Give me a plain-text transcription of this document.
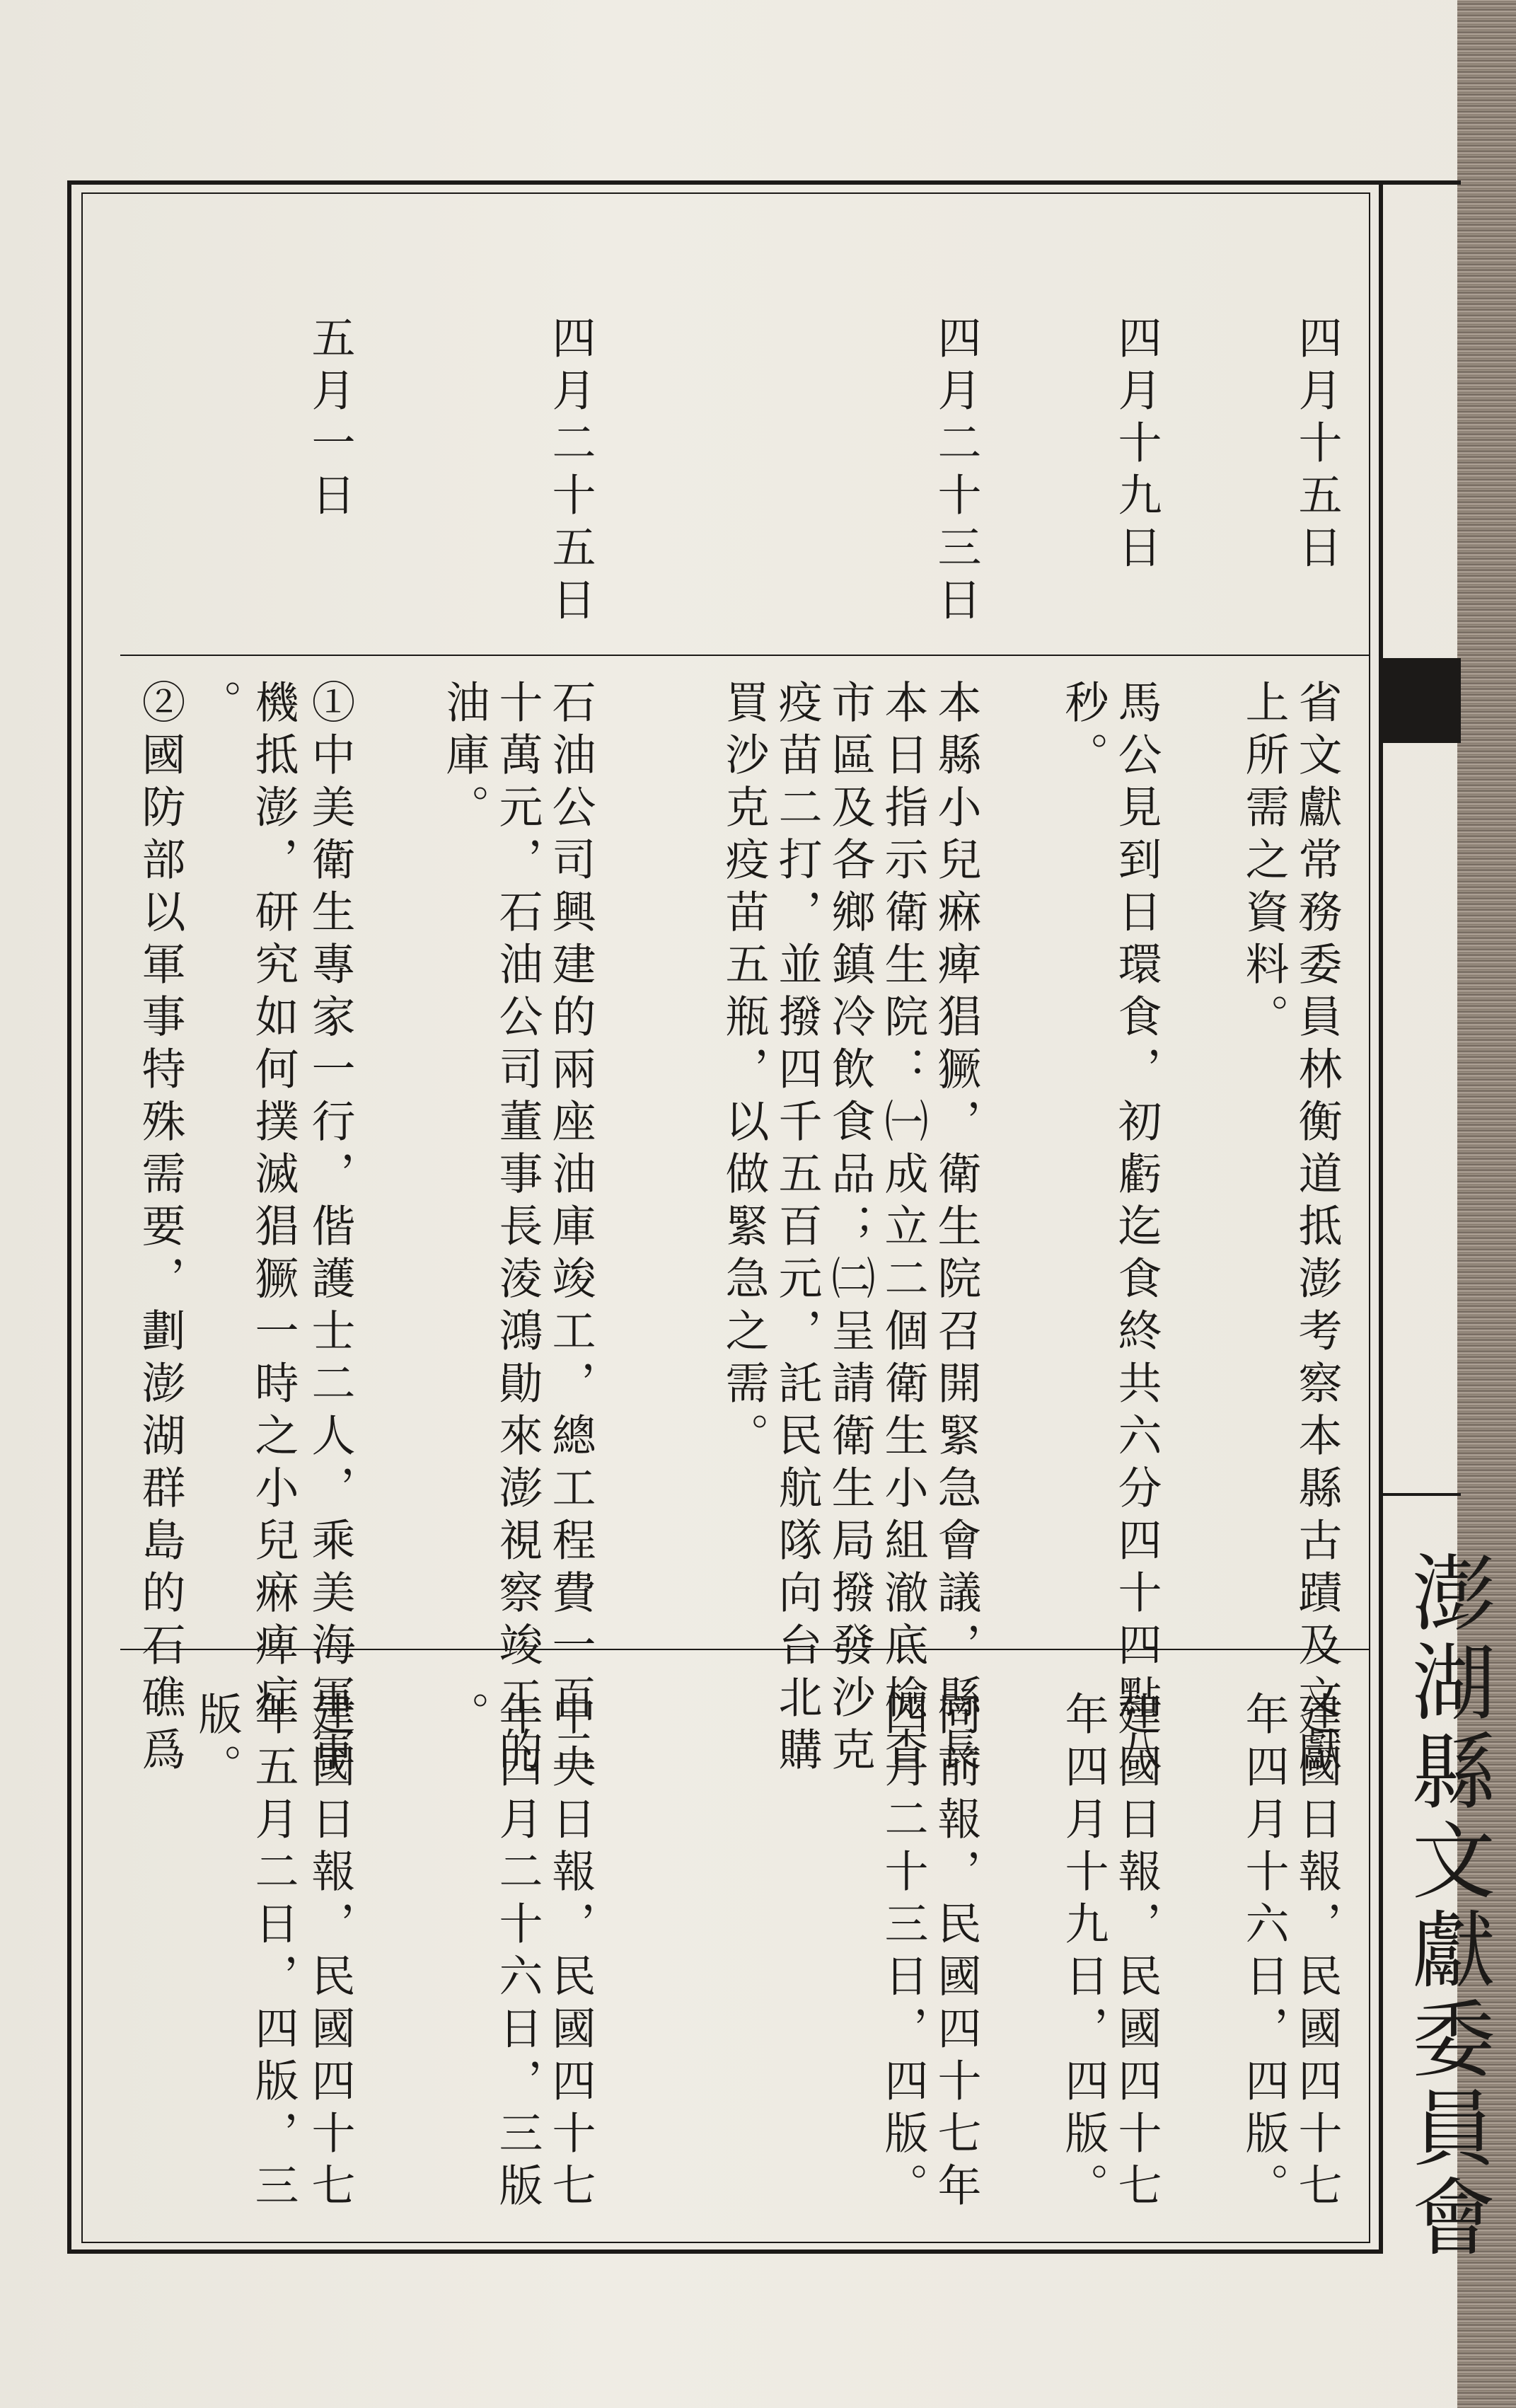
澎湖縣文獻委員會
四月十五日
省文獻常務委員林衡道抵澎考察本縣古蹟及文獻
上所需之資料。
建國日報，民國四十七
年四月十六日，四版。
四月十九日
馬公見到日環食，初虧迄食終共六分四十四點八
秒。
建國日報，民國四十七
年四月十九日，四版。
四月二十三日
本縣小兒痳痺猖獗，衛生院召開緊急會議，縣長
本日指示衛生院：㈠成立二個衛生小組澈底檢查
市區及各鄉鎮冷飲食品；㈡呈請衛生局撥發沙克
疫苗二打，並撥四千五百元，託民航隊向台北購
買沙克疫苗五瓶，以做緊急之需。
同前報，民國四十七年
四月二十三日，四版。
四月二十五日
石油公司興建的兩座油庫竣工，總工程費一百二
十萬元，石油公司董事長淩鴻勛來澎視察竣工的
油庫。
中央日報，民國四十七
年四月二十六日，三版
。
五月一日
①中美衛生專家一行，偕護士二人，乘美海軍軍
機抵澎，研究如何撲滅猖獗一時之小兒痳痺症
。
②國防部以軍事特殊需要，劃澎湖群島的石礁爲
建國日報，民國四十七
年五月二日，四版，三
版。
